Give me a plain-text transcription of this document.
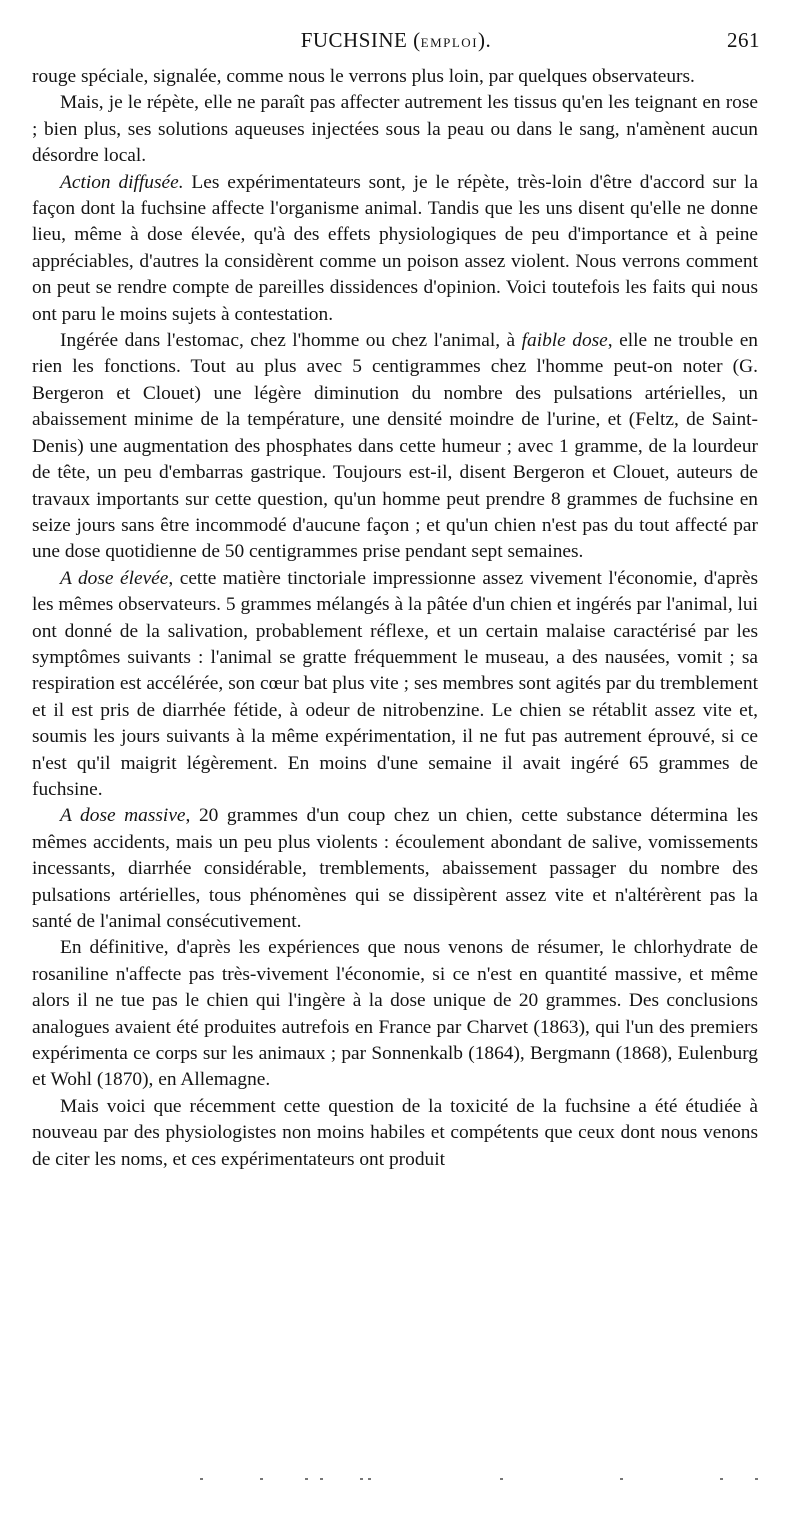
FUCHSINE (EMPLOI).	261

rouge spéciale, signalée, comme nous le verrons plus loin, par quelques observateurs.

Mais, je le répète, elle ne paraît pas affecter autrement les tissus qu'en les teignant en rose ; bien plus, ses solutions aqueuses injectées sous la peau ou dans le sang, n'amènent aucun désordre local.

Action diffusée. Les expérimentateurs sont, je le répète, très-loin d'être d'accord sur la façon dont la fuchsine affecte l'organisme animal. Tandis que les uns disent qu'elle ne donne lieu, même à dose élevée, qu'à des effets physiologiques de peu d'importance et à peine appréciables, d'autres la considèrent comme un poison assez violent. Nous verrons comment on peut se rendre compte de pareilles dissidences d'opinion. Voici toutefois les faits qui nous ont paru le moins sujets à contestation.

Ingérée dans l'estomac, chez l'homme ou chez l'animal, à faible dose, elle ne trouble en rien les fonctions. Tout au plus avec 5 centigrammes chez l'homme peut-on noter (G. Bergeron et Clouet) une légère diminution du nombre des pulsations artérielles, un abaissement minime de la température, une densité moindre de l'urine, et (Feltz, de Saint-Denis) une augmentation des phosphates dans cette humeur ; avec 1 gramme, de la lourdeur de tête, un peu d'embarras gastrique. Toujours est-il, disent Bergeron et Clouet, auteurs de travaux importants sur cette question, qu'un homme peut prendre 8 grammes de fuchsine en seize jours sans être incommodé d'aucune façon ; et qu'un chien n'est pas du tout affecté par une dose quotidienne de 50 centigrammes prise pendant sept semaines.

A dose élevée, cette matière tinctoriale impressionne assez vivement l'économie, d'après les mêmes observateurs. 5 grammes mélangés à la pâtée d'un chien et ingérés par l'animal, lui ont donné de la salivation, probablement réflexe, et un certain malaise caractérisé par les symptômes suivants : l'animal se gratte fréquemment le museau, a des nausées, vomit ; sa respiration est accélérée, son cœur bat plus vite ; ses membres sont agités par du tremblement et il est pris de diarrhée fétide, à odeur de nitrobenzine. Le chien se rétablit assez vite et, soumis les jours suivants à la même expérimentation, il ne fut pas autrement éprouvé, si ce n'est qu'il maigrit légèrement. En moins d'une semaine il avait ingéré 65 grammes de fuchsine.

A dose massive, 20 grammes d'un coup chez un chien, cette substance détermina les mêmes accidents, mais un peu plus violents : écoulement abondant de salive, vomissements incessants, diarrhée considérable, tremblements, abaissement passager du nombre des pulsations artérielles, tous phénomènes qui se dissipèrent assez vite et n'altérèrent pas la santé de l'animal consécutivement.

En définitive, d'après les expériences que nous venons de résumer, le chlorhydrate de rosaniline n'affecte pas très-vivement l'économie, si ce n'est en quantité massive, et même alors il ne tue pas le chien qui l'ingère à la dose unique de 20 grammes. Des conclusions analogues avaient été produites autrefois en France par Charvet (1863), qui l'un des premiers expérimenta ce corps sur les animaux ; par Sonnenkalb (1864), Bergmann (1868), Eulenburg et Wohl (1870), en Allemagne.

Mais voici que récemment cette question de la toxicité de la fuchsine a été étudiée à nouveau par des physiologistes non moins habiles et compétents que ceux dont nous venons de citer les noms, et ces expérimentateurs ont produit
